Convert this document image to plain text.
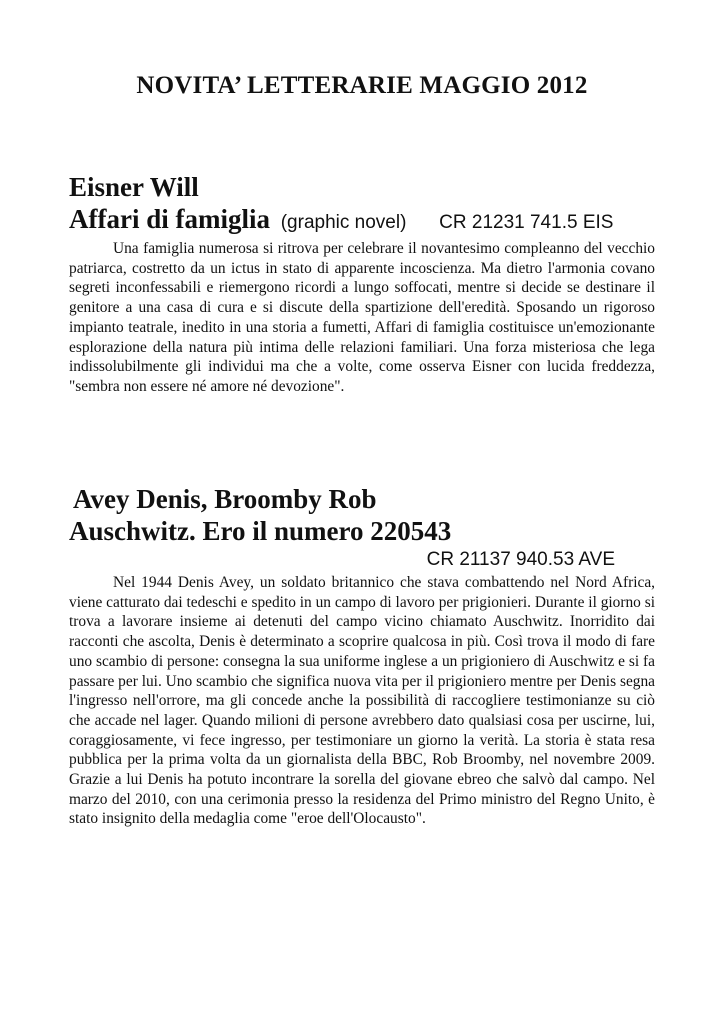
NOVITA’ LETTERARIE MAGGIO 2012
Eisner Will
Affari di famiglia (graphic novel) CR 21231 741.5 EIS

Una famiglia numerosa si ritrova per celebrare il novantesimo compleanno del vecchio patriarca, costretto da un ictus in stato di apparente incoscienza. Ma dietro l'armonia covano segreti inconfessabili e riemergono ricordi a lungo soffocati, mentre si decide se destinare il genitore a una casa di cura e si discute della spartizione dell'eredità. Sposando un rigoroso impianto teatrale, inedito in una storia a fumetti, Affari di famiglia costituisce un'emozionante esplorazione della natura più intima delle relazioni familiari. Una forza misteriosa che lega indissolubilmente gli individui ma che a volte, come osserva Eisner con lucida freddezza, "sembra non essere né amore né devozione".

Avey Denis, Broomby Rob
Auschwitz. Ero il numero 220543
CR 21137 940.53 AVE

Nel 1944 Denis Avey, un soldato britannico che stava combattendo nel Nord Africa, viene catturato dai tedeschi e spedito in un campo di lavoro per prigionieri. Durante il giorno si trova a lavorare insieme ai detenuti del campo vicino chiamato Auschwitz. Inorridito dai racconti che ascolta, Denis è determinato a scoprire qualcosa in più. Così trova il modo di fare uno scambio di persone: consegna la sua uniforme inglese a un prigioniero di Auschwitz e si fa passare per lui. Uno scambio che significa nuova vita per il prigioniero mentre per Denis segna l'ingresso nell'orrore, ma gli concede anche la possibilità di raccogliere testimonianze su ciò che accade nel lager. Quando milioni di persone avrebbero dato qualsiasi cosa per uscirne, lui, coraggiosamente, vi fece ingresso, per testimoniare un giorno la verità. La storia è stata resa pubblica per la prima volta da un giornalista della BBC, Rob Broomby, nel novembre 2009. Grazie a lui Denis ha potuto incontrare la sorella del giovane ebreo che salvò dal campo. Nel marzo del 2010, con una cerimonia presso la residenza del Primo ministro del Regno Unito, è stato insignito della medaglia come "eroe dell'Olocausto".
